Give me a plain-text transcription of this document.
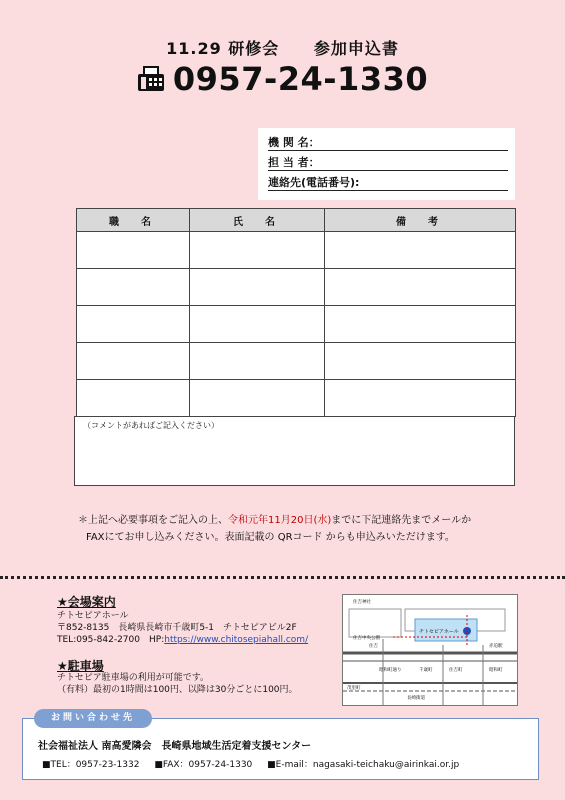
11.29 研修会 参加申込書
0957-24-1330
機 関 名：
担 当 者：
連絡先(電話番号):
職　名	氏　名	備　考

（コメントがあればご記入ください）
＊上記へ必要事項をご記入の上、令和元年11月20日(水)までに下記連絡先までメールか
FAXにてお申し込みください。表面記載の QRコード からも申込みいただけます。
★会場案内
チトセピアホール
〒852-8135　長崎県長崎市千歳町5-1　チトセピアビル2F
TEL:095-842-2700　 HP:https://www.chitosepiahall.com/
★駐車場
チトセピア駐車場の利用が可能です。
（有料）最初の1時間は100円、以降は30分ごとに100円。
住吉神社
チトセピアホール
住吉中央公園
住吉
昭和町通り	千歳町	住吉町
長崎街道
赤迫駅
昭和町
茂里町
お問い合わせ先
社会福祉法人 南高愛隣会　長崎県地域生活定着支援センター
■TEL：0957-23-1332 ■FAX：0957-24-1330 ■E-mail：nagasaki-teichaku@airinkai.or.jp
